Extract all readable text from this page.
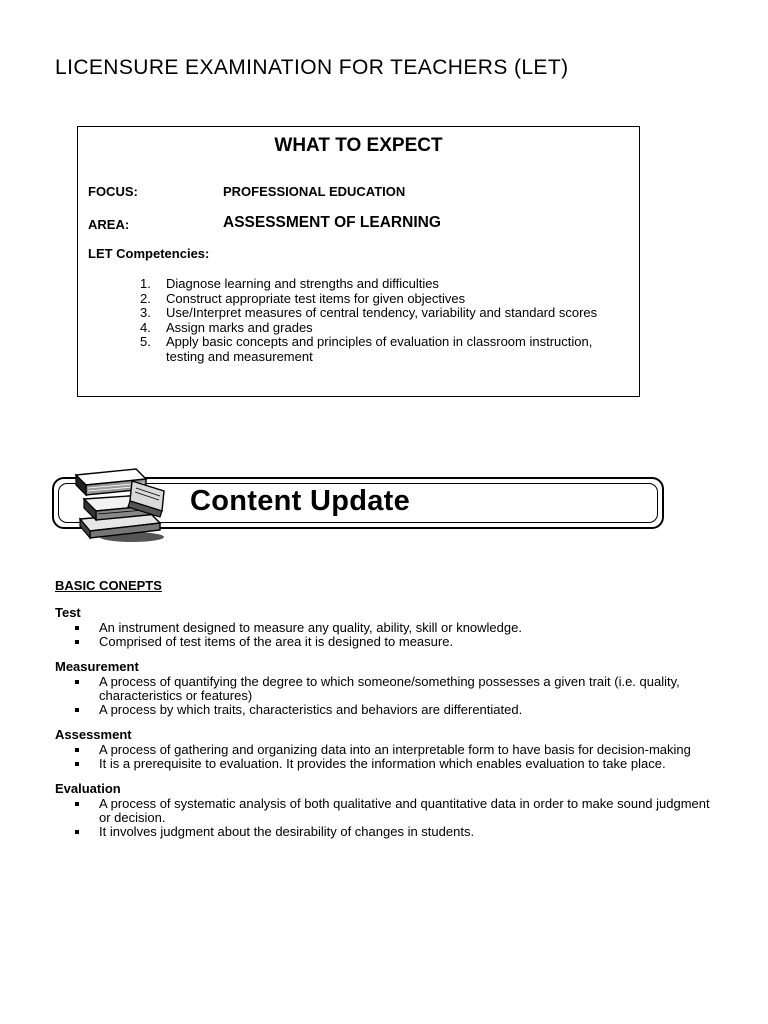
LICENSURE EXAMINATION FOR TEACHERS (LET)
WHAT TO EXPECT
FOCUS:	PROFESSIONAL EDUCATION
AREA:	ASSESSMENT OF LEARNING
LET Competencies:
1. Diagnose learning and strengths and difficulties
2. Construct appropriate test items for given objectives
3. Use/Interpret measures of central tendency, variability and standard scores
4. Assign marks and grades
5. Apply basic concepts and principles of evaluation in classroom instruction, testing and measurement
Content Update
BASIC CONEPTS
Test
An instrument designed to measure any quality, ability, skill or knowledge.
Comprised of test items of the area it is designed to measure.
Measurement
A process of quantifying the degree to which someone/something possesses a given trait (i.e. quality, characteristics or features)
A process by which traits, characteristics and behaviors are differentiated.
Assessment
A process of gathering and organizing data into an interpretable form to have basis for decision-making
It is a prerequisite to evaluation. It provides the information which enables evaluation to take place.
Evaluation
A process of systematic analysis of both qualitative and quantitative data in order to make sound judgment or decision.
It involves judgment about the desirability of changes in students.
